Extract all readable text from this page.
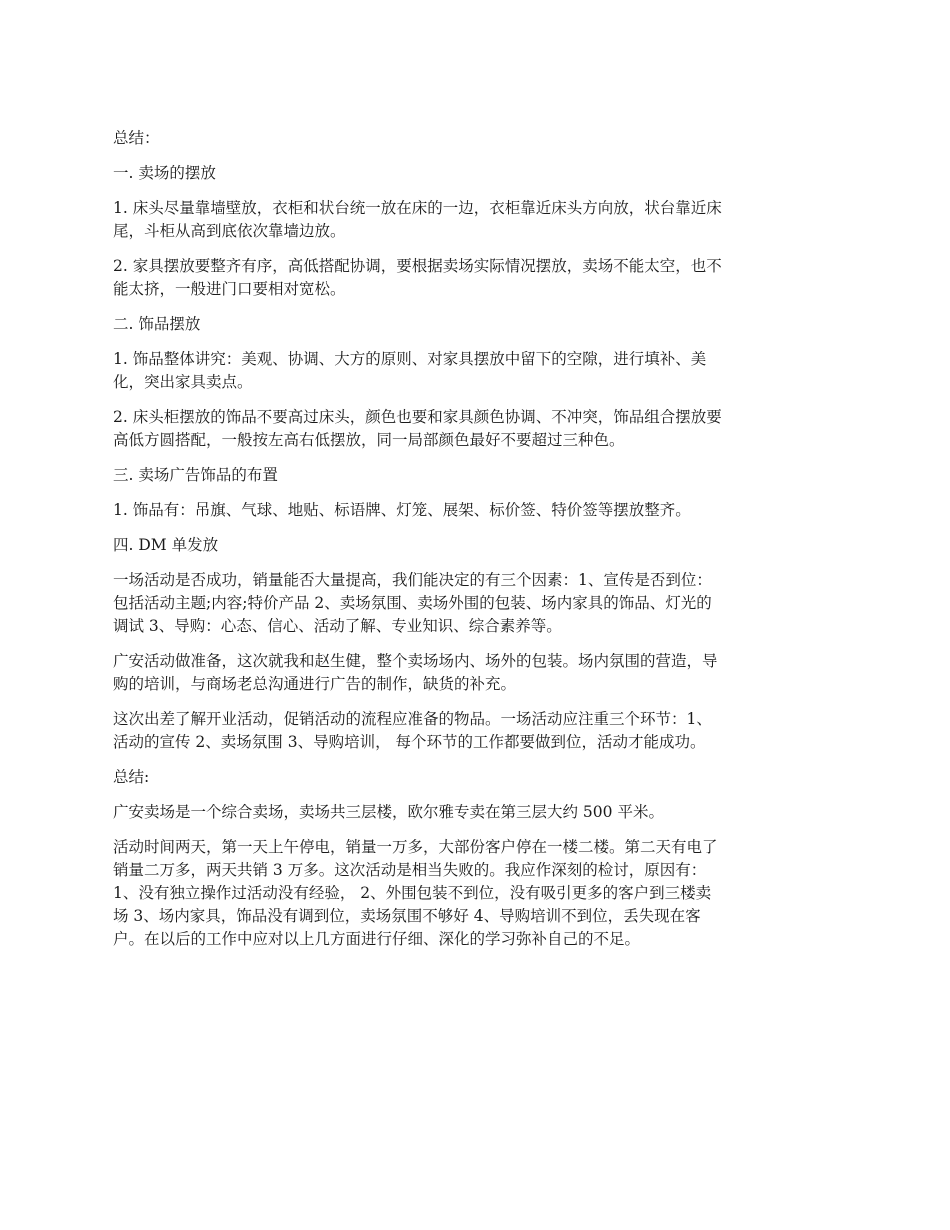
总结：

一. 卖场的摆放

1. 床头尽量靠墙壁放，衣柜和状台统一放在床的一边，衣柜靠近床头方向放，状台靠近床
尾，斗柜从高到底依次靠墙边放。

2. 家具摆放要整齐有序，高低搭配协调，要根据卖场实际情况摆放，卖场不能太空，也不
能太挤，一般进门口要相对宽松。

二. 饰品摆放

1. 饰品整体讲究：美观、协调、大方的原则、对家具摆放中留下的空隙，进行填补、美
化，突出家具卖点。

2. 床头柜摆放的饰品不要高过床头，颜色也要和家具颜色协调、不冲突，饰品组合摆放要
高低方圆搭配，一般按左高右低摆放，同一局部颜色最好不要超过三种色。

三. 卖场广告饰品的布置

1. 饰品有：吊旗、气球、地贴、标语牌、灯笼、展架、标价签、特价签等摆放整齐。

四. DM 单发放

一场活动是否成功，销量能否大量提高，我们能决定的有三个因素：1、宣传是否到位：
包括活动主题;内容;特价产品 2、卖场氛围、卖场外围的包装、场内家具的饰品、灯光的
调试 3、导购：心态、信心、活动了解、专业知识、综合素养等。

广安活动做准备，这次就我和赵生健，整个卖场场内、场外的包装。场内氛围的营造，导
购的培训，与商场老总沟通进行广告的制作，缺货的补充。

这次出差了解开业活动，促销活动的流程应准备的物品。一场活动应注重三个环节：1、
活动的宣传 2、卖场氛围 3、导购培训， 每个环节的工作都要做到位，活动才能成功。

总结:

广安卖场是一个综合卖场，卖场共三层楼，欧尔雅专卖在第三层大约 500 平米。

活动时间两天，第一天上午停电，销量一万多，大部份客户停在一楼二楼。第二天有电了
销量二万多，两天共销 3 万多。这次活动是相当失败的。我应作深刻的检讨，原因有：
1、没有独立操作过活动没有经验， 2、外围包装不到位，没有吸引更多的客户到三楼卖
场 3、场内家具，饰品没有调到位，卖场氛围不够好 4、导购培训不到位，丢失现在客
户。在以后的工作中应对以上几方面进行仔细、深化的学习弥补自己的不足。
